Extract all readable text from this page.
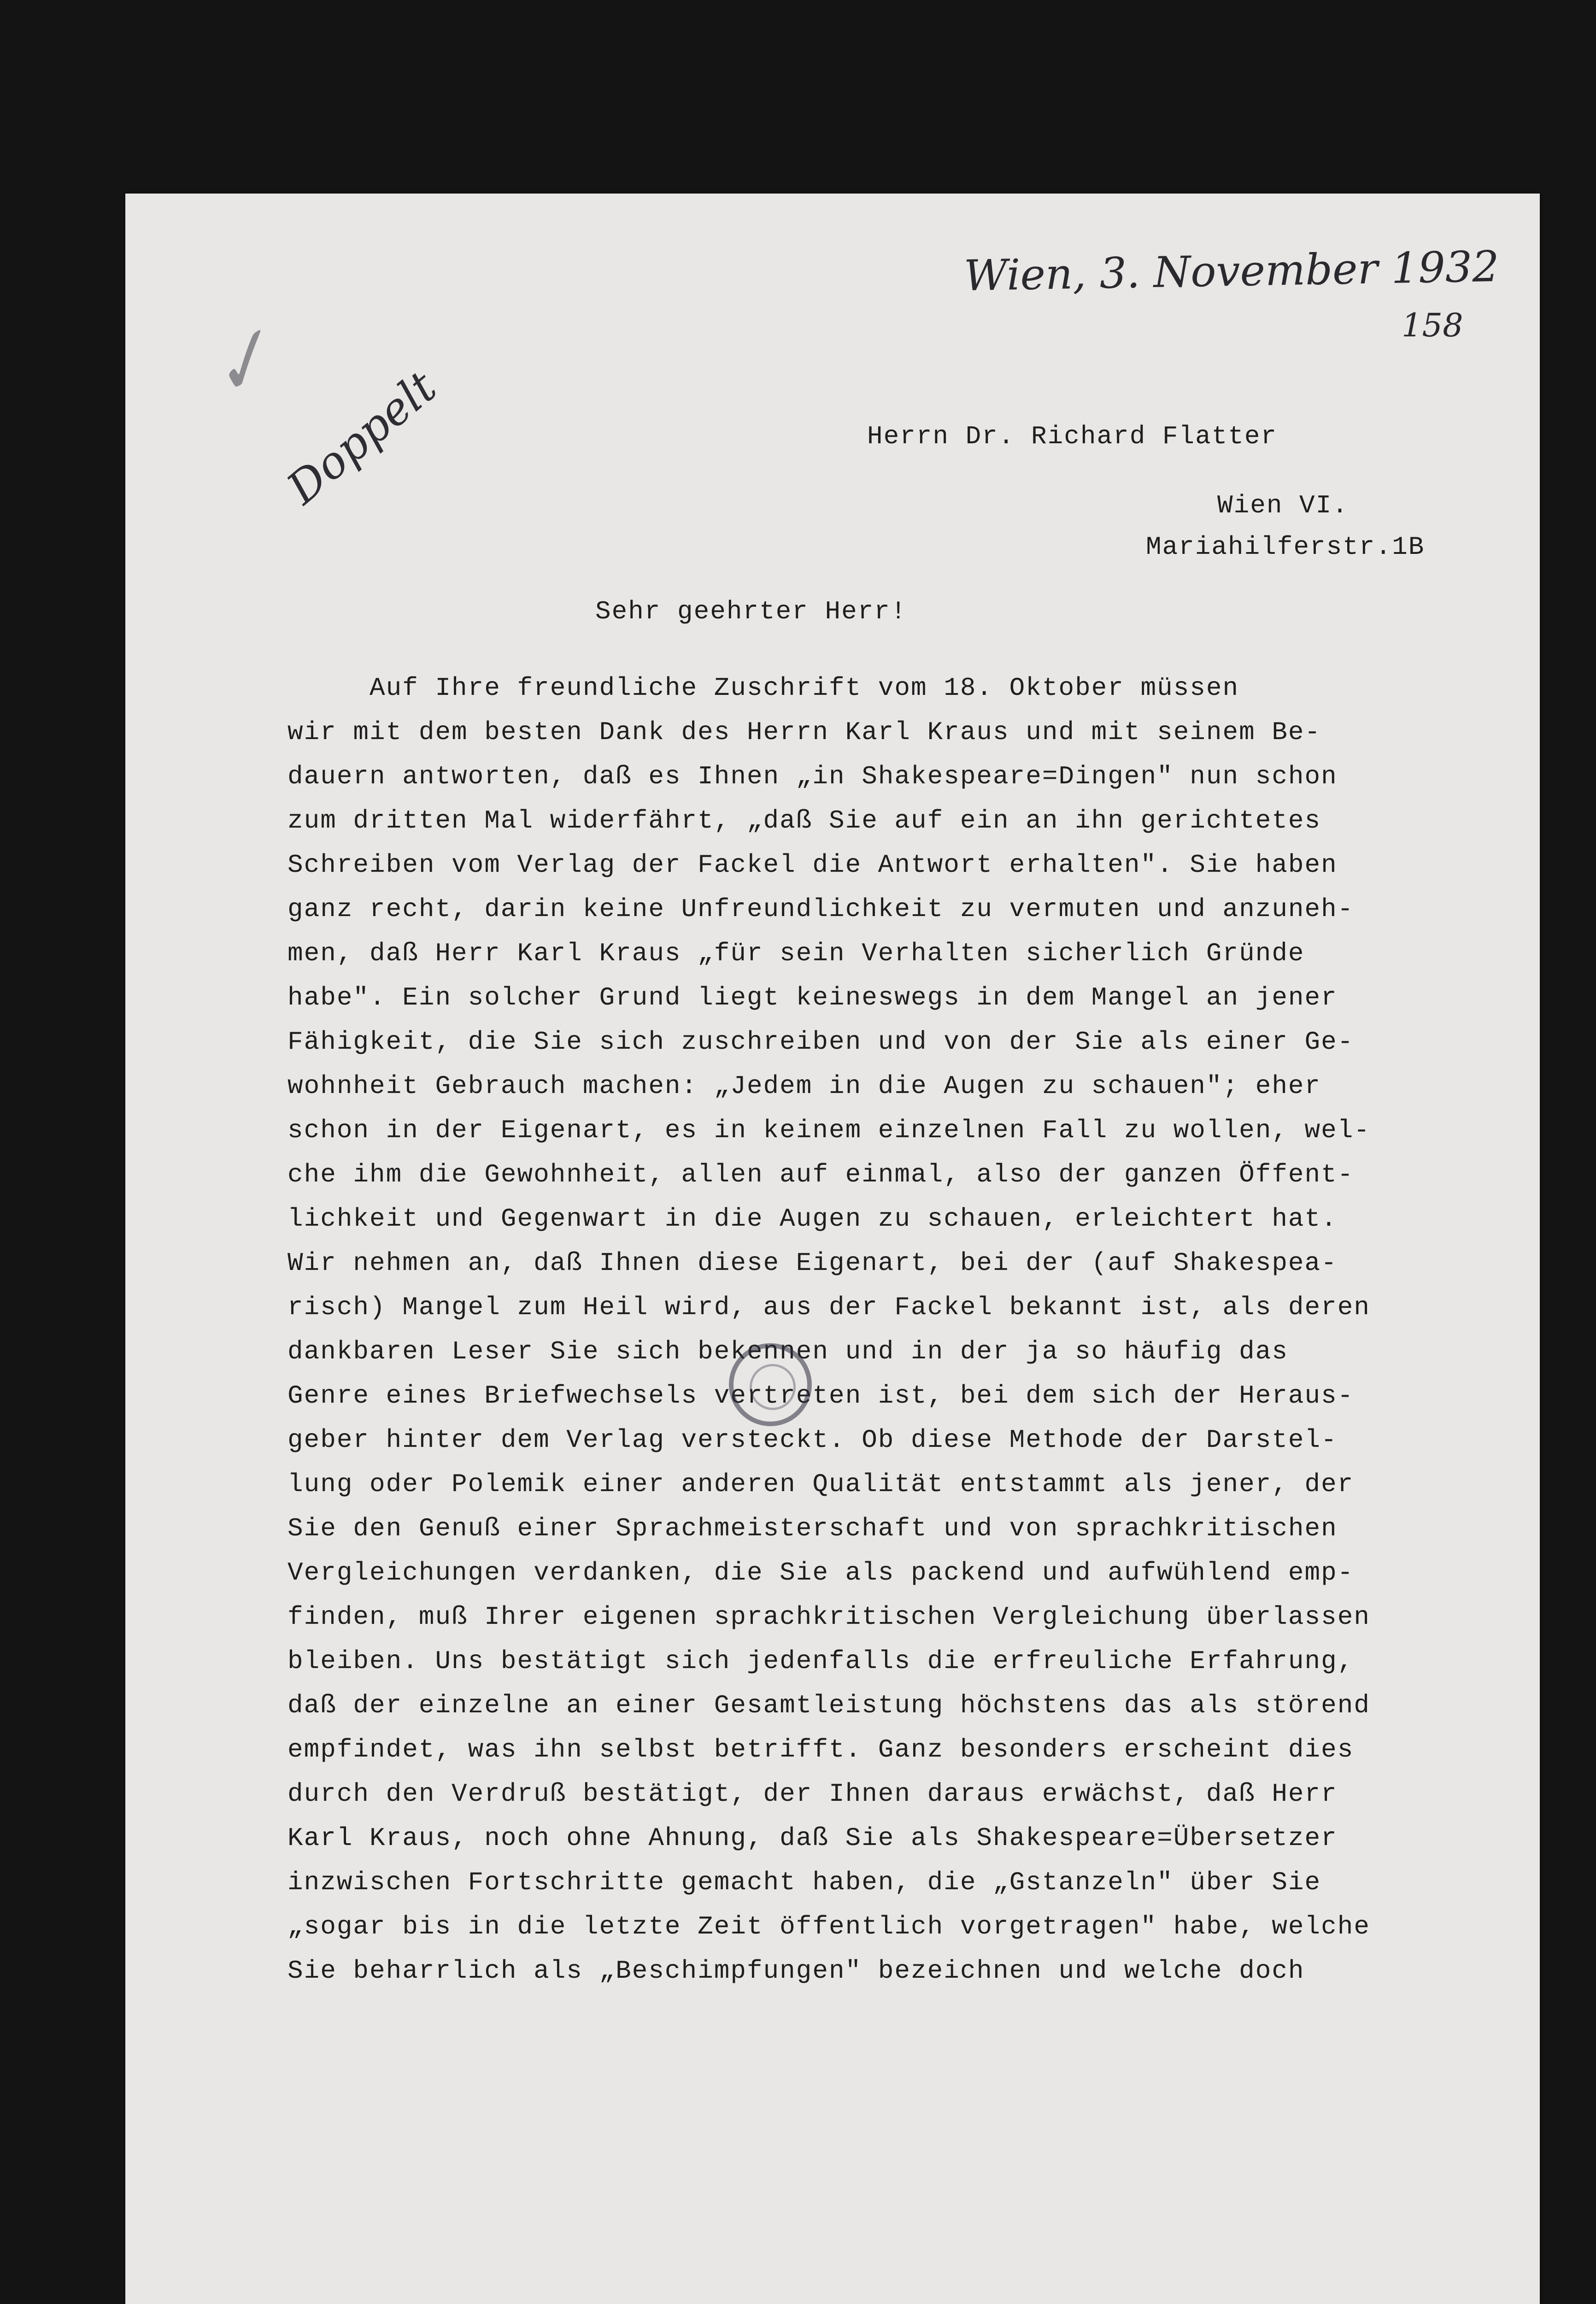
Wien, 3. November 1932
158
✓
Doppelt	Herrn Dr. Richard Flatter
Wien VI.
Mariahilferstr.1B
Sehr geehrter Herr!
Auf Ihre freundliche Zuschrift vom 18. Oktober müssen
wir mit dem besten Dank des Herrn Karl Kraus und mit seinem Be-
dauern antworten, daß es Ihnen „in Shakespeare=Dingen" nun schon
zum dritten Mal widerfährt, „daß Sie auf ein an ihn gerichtetes
Schreiben vom Verlag der Fackel die Antwort erhalten". Sie haben
ganz recht, darin keine Unfreundlichkeit zu vermuten und anzuneh-
men, daß Herr Karl Kraus „für sein Verhalten sicherlich Gründe
habe". Ein solcher Grund liegt keineswegs in dem Mangel an jener
Fähigkeit, die Sie sich zuschreiben und von der Sie als einer Ge-
wohnheit Gebrauch machen: „Jedem in die Augen zu schauen"; eher
schon in der Eigenart, es in keinem einzelnen Fall zu wollen, wel-
che ihm die Gewohnheit, allen auf einmal, also der ganzen Öffent-
lichkeit und Gegenwart in die Augen zu schauen, erleichtert hat.
Wir nehmen an, daß Ihnen diese Eigenart, bei der (auf Shakespea-
risch) Mangel zum Heil wird, aus der Fackel bekannt ist, als deren
dankbaren Leser Sie sich bekennen und in der ja so häufig das
Genre eines Briefwechsels vertreten ist, bei dem sich der Heraus-
geber hinter dem Verlag versteckt. Ob diese Methode der Darstel-
lung oder Polemik einer anderen Qualität entstammt als jener, der
Sie den Genuß einer Sprachmeisterschaft und von sprachkritischen
Vergleichungen verdanken, die Sie als packend und aufwühlend emp-
finden, muß Ihrer eigenen sprachkritischen Vergleichung überlassen
bleiben. Uns bestätigt sich jedenfalls die erfreuliche Erfahrung,
daß der einzelne an einer Gesamtleistung höchstens das als störend
empfindet, was ihn selbst betrifft. Ganz besonders erscheint dies
durch den Verdruß bestätigt, der Ihnen daraus erwächst, daß Herr
Karl Kraus, noch ohne Ahnung, daß Sie als Shakespeare=Übersetzer
inzwischen Fortschritte gemacht haben, die „Gstanzeln" über Sie
„sogar bis in die letzte Zeit öffentlich vorgetragen" habe, welche
Sie beharrlich als „Beschimpfungen" bezeichnen und welche doch
